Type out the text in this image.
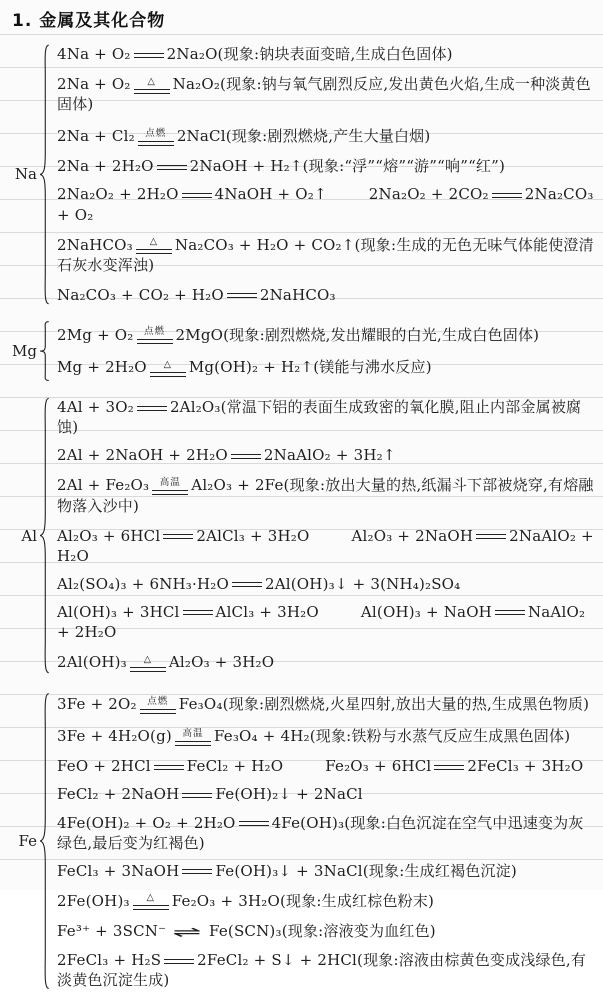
1. 金属及其化合物
Na
4Na + O₂ 2Na₂O(现象:钠块表面变暗,生成白色固体)
2Na + O₂ △ Na₂O₂(现象:钠与氧气剧烈反应,发出黄色火焰,生成一种淡黄色固体)
2Na + Cl₂ 点燃 2NaCl(现象:剧烈燃烧,产生大量白烟)
2Na + 2H₂O 2NaOH + H₂↑(现象:“浮”“熔”“游”“响”“红”)
2Na₂O₂ + 2H₂O 4NaOH + O₂↑	2Na₂O₂ + 2CO₂ 2Na₂CO₃ + O₂
2NaHCO₃ △ Na₂CO₃ + H₂O + CO₂↑(现象:生成的无色无味气体能使澄清石灰水变浑浊)
Na₂CO₃ + CO₂ + H₂O 2NaHCO₃
Mg
2Mg + O₂ 点燃 2MgO(现象:剧烈燃烧,发出耀眼的白光,生成白色固体)
Mg + 2H₂O △ Mg(OH)₂ + H₂↑(镁能与沸水反应)
Al
4Al + 3O₂ 2Al₂O₃(常温下铝的表面生成致密的氧化膜,阻止内部金属被腐蚀)
2Al + 2NaOH + 2H₂O 2NaAlO₂ + 3H₂↑
2Al + Fe₂O₃ 高温 Al₂O₃ + 2Fe(现象:放出大量的热,纸漏斗下部被烧穿,有熔融物落入沙中)
Al₂O₃ + 6HCl 2AlCl₃ + 3H₂O	Al₂O₃ + 2NaOH 2NaAlO₂ + H₂O
Al₂(SO₄)₃ + 6NH₃·H₂O 2Al(OH)₃↓ + 3(NH₄)₂SO₄
Al(OH)₃ + 3HCl AlCl₃ + 3H₂O	Al(OH)₃ + NaOH NaAlO₂ + 2H₂O
2Al(OH)₃ △ Al₂O₃ + 3H₂O
Fe
3Fe + 2O₂ 点燃 Fe₃O₄(现象:剧烈燃烧,火星四射,放出大量的热,生成黑色物质)
3Fe + 4H₂O(g) 高温 Fe₃O₄ + 4H₂(现象:铁粉与水蒸气反应生成黑色固体)
FeO + 2HCl FeCl₂ + H₂O	Fe₂O₃ + 6HCl 2FeCl₃ + 3H₂O
FeCl₂ + 2NaOH Fe(OH)₂↓ + 2NaCl
4Fe(OH)₂ + O₂ + 2H₂O 4Fe(OH)₃(现象:白色沉淀在空气中迅速变为灰绿色,最后变为红褐色)
FeCl₃ + 3NaOH Fe(OH)₃↓ + 3NaCl(现象:生成红褐色沉淀)
2Fe(OH)₃ △ Fe₂O₃ + 3H₂O(现象:生成红棕色粉末)
Fe³⁺ + 3SCN⁻ ⇌ Fe(SCN)₃(现象:溶液变为血红色)
2FeCl₃ + H₂S 2FeCl₂ + S↓ + 2HCl(现象:溶液由棕黄色变成浅绿色,有淡黄色沉淀生成)
